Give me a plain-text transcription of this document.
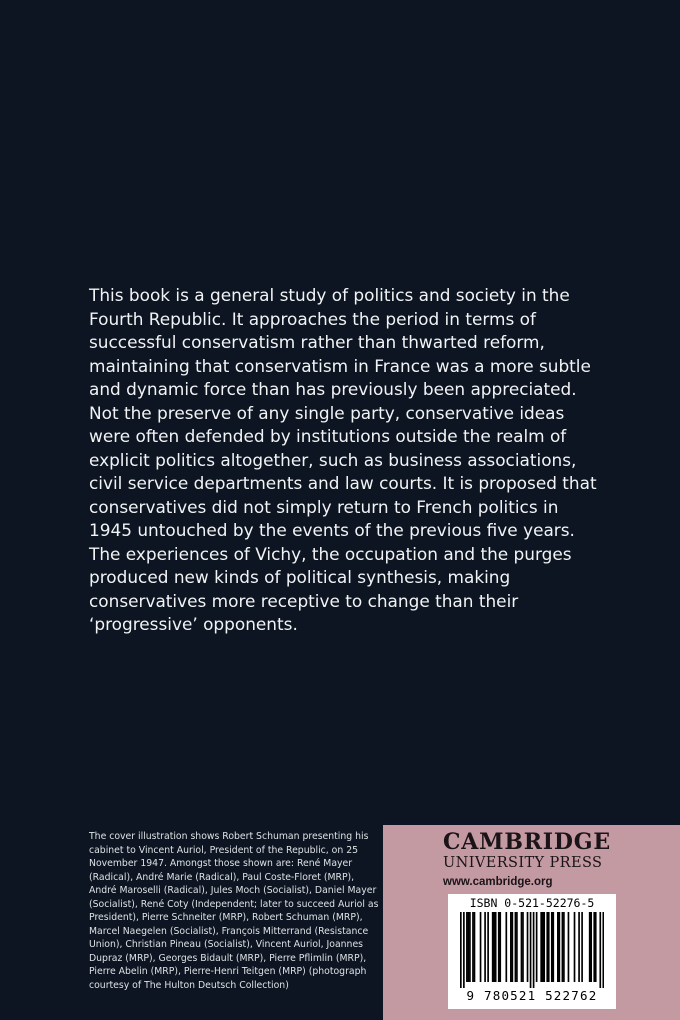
This book is a general study of politics and society in the Fourth Republic. It approaches the period in terms of successful conservatism rather than thwarted reform, maintaining that conservatism in France was a more subtle and dynamic force than has previously been appreciated. Not the preserve of any single party, conservative ideas were often defended by institutions outside the realm of explicit politics altogether, such as business associations, civil service departments and law courts. It is proposed that conservatives did not simply return to French politics in 1945 untouched by the events of the previous five years. The experiences of Vichy, the occupation and the purges produced new kinds of political synthesis, making conservatives more receptive to change than their ‘progressive’ opponents.

The cover illustration shows Robert Schuman presenting his cabinet to Vincent Auriol, President of the Republic, on 25 November 1947. Amongst those shown are: René Mayer (Radical), André Marie (Radical), Paul Coste-Floret (MRP), André Maroselli (Radical), Jules Moch (Socialist), Daniel Mayer (Socialist), René Coty (Independent; later to succeed Auriol as President), Pierre Schneiter (MRP), Robert Schuman (MRP), Marcel Naegelen (Socialist), François Mitterrand (Resistance Union), Christian Pineau (Socialist), Vincent Auriol, Joannes Dupraz (MRP), Georges Bidault (MRP), Pierre Pflimlin (MRP), Pierre Abelin (MRP), Pierre-Henri Teitgen (MRP) (photograph courtesy of The Hulton Deutsch Collection)

CAMBRIDGE

UNIVERSITY PRESS

www.cambridge.org

ISBN 0-521-52276-5

9 780521 522762
